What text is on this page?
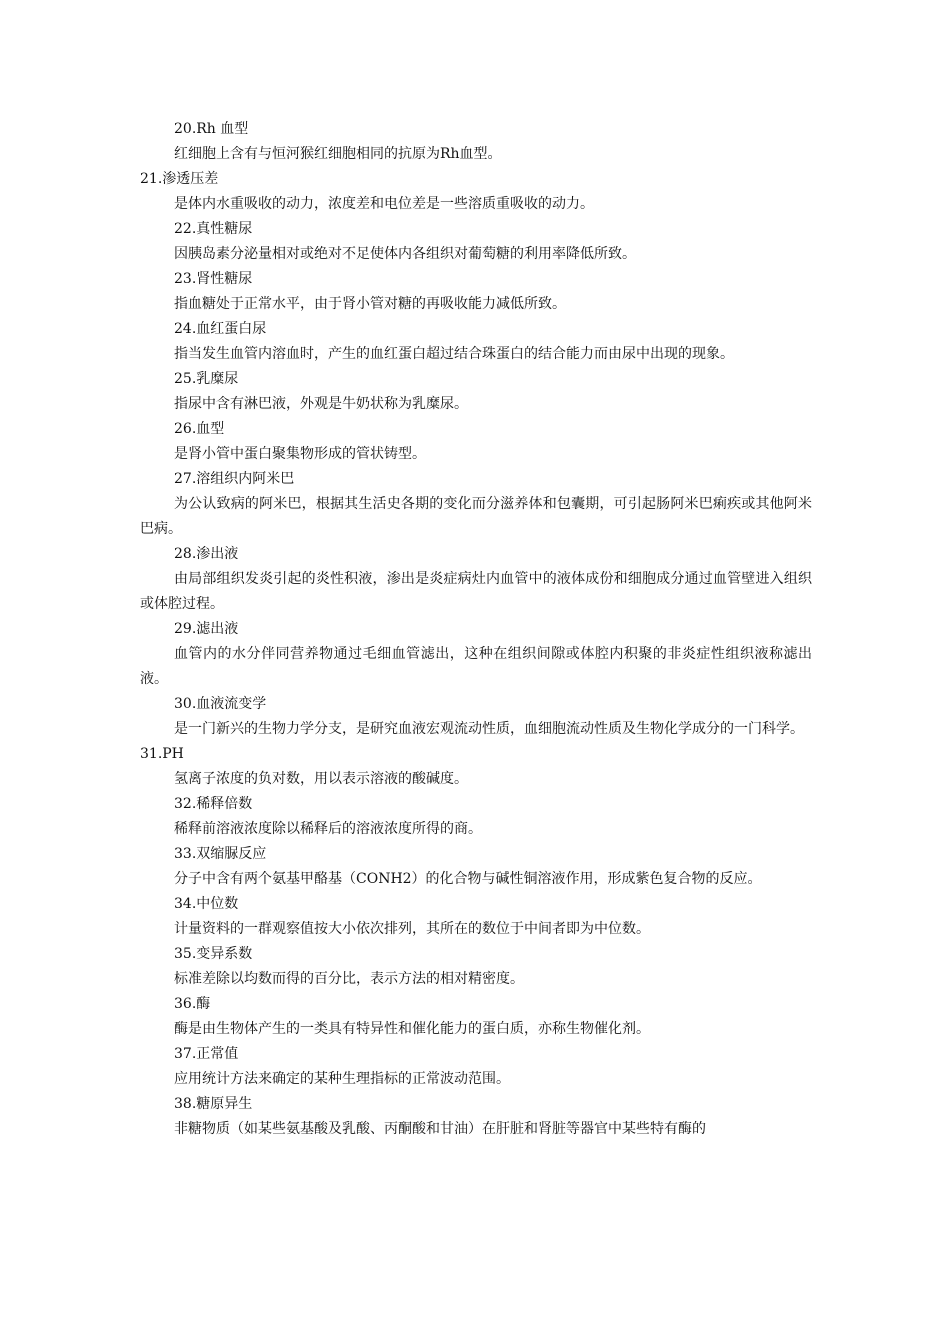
20.Rh 血型
红细胞上含有与恒河猴红细胞相同的抗原为Rh血型。
21.渗透压差
是体内水重吸收的动力，浓度差和电位差是一些溶质重吸收的动力。
22.真性糖尿
因胰岛素分泌量相对或绝对不足使体内各组织对葡萄糖的利用率降低所致。
23.肾性糖尿
指血糖处于正常水平，由于肾小管对糖的再吸收能力减低所致。
24.血红蛋白尿
指当发生血管内溶血时，产生的血红蛋白超过结合珠蛋白的结合能力而由尿中出现的现象。
25.乳糜尿
指尿中含有淋巴液，外观是牛奶状称为乳糜尿。
26.血型
是肾小管中蛋白聚集物形成的管状铸型。
27.溶组织内阿米巴
为公认致病的阿米巴，根据其生活史各期的变化而分滋养体和包囊期，可引起肠阿米巴痢疾或其他阿米巴病。
28.渗出液
由局部组织发炎引起的炎性积液，渗出是炎症病灶内血管中的液体成份和细胞成分通过血管壁进入组织或体腔过程。
29.滤出液
血管内的水分伴同营养物通过毛细血管滤出，这种在组织间隙或体腔内积聚的非炎症性组织液称滤出液。
30.血液流变学
是一门新兴的生物力学分支，是研究血液宏观流动性质，血细胞流动性质及生物化学成分的一门科学。
31.PH
氢离子浓度的负对数，用以表示溶液的酸碱度。
32.稀释倍数
稀释前溶液浓度除以稀释后的溶液浓度所得的商。
33.双缩脲反应
分子中含有两个氨基甲酪基（CONH2）的化合物与碱性铜溶液作用，形成紫色复合物的反应。
34.中位数
计量资料的一群观察值按大小依次排列，其所在的数位于中间者即为中位数。
35.变异系数
标准差除以均数而得的百分比，表示方法的相对精密度。
36.酶
酶是由生物体产生的一类具有特异性和催化能力的蛋白质，亦称生物催化剂。
37.正常值
应用统计方法来确定的某种生理指标的正常波动范围。
38.糖原异生
非糖物质（如某些氨基酸及乳酸、丙酮酸和甘油）在肝脏和肾脏等器官中某些特有酶的
